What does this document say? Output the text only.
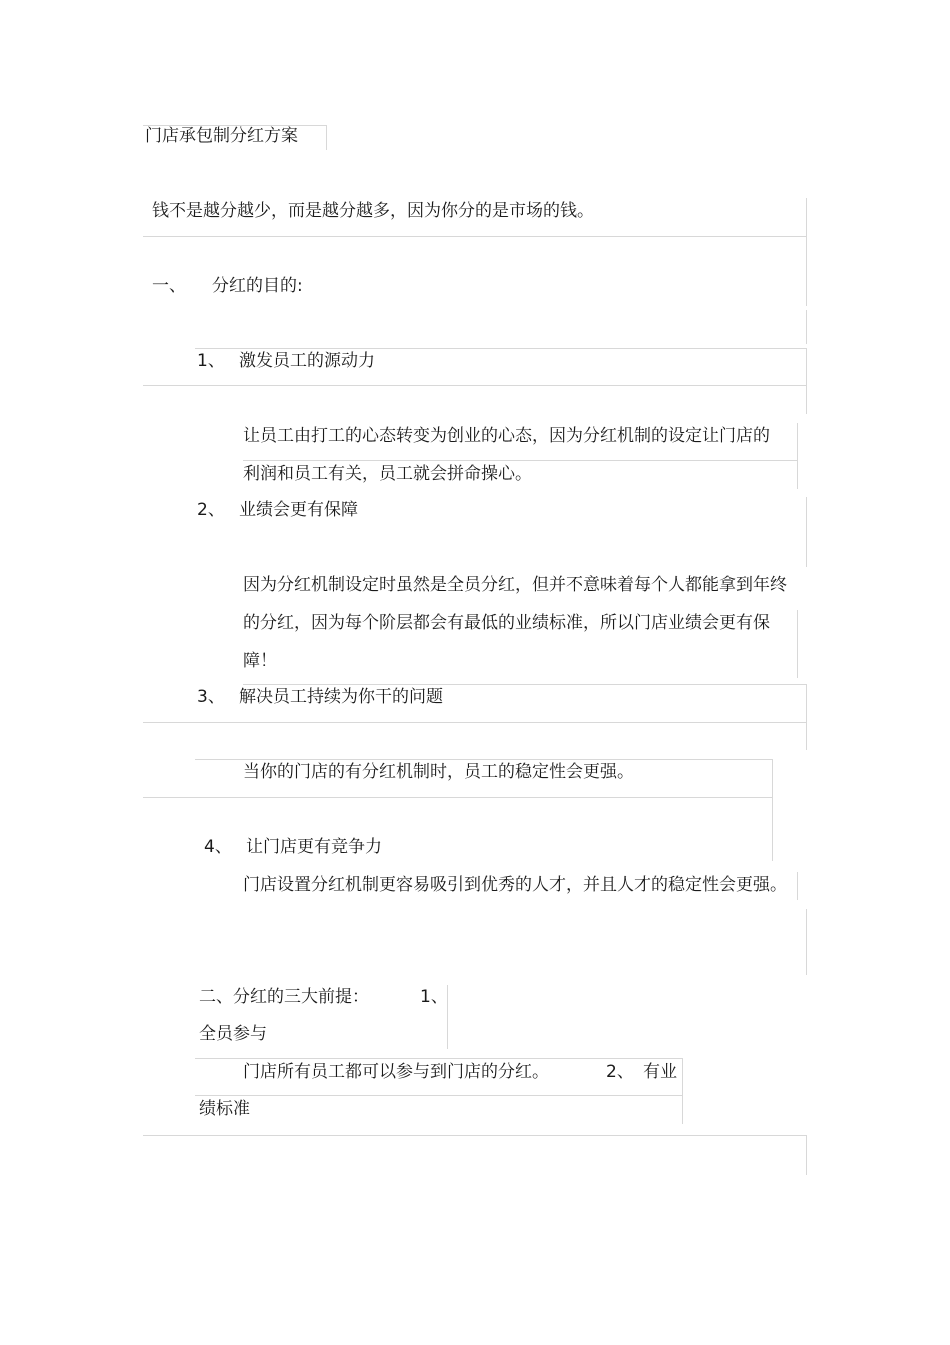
门店承包制分红方案
钱不是越分越少，而是越分越多，因为你分的是市场的钱。
一、 分红的目的:
1、 激发员工的源动力
让员工由打工的心态转变为创业的心态，因为分红机制的设定让门店的
利润和员工有关，员工就会拼命操心。
2、 业绩会更有保障
因为分红机制设定时虽然是全员分红，但并不意味着每个人都能拿到年终
的分红，因为每个阶层都会有最低的业绩标准，所以门店业绩会更有保
障！
3、 解决员工持续为你干的问题
当你的门店的有分红机制时，员工的稳定性会更强。
4、 让门店更有竞争力
门店设置分红机制更容易吸引到优秀的人才，并且人才的稳定性会更强。
二、分红的三大前提：	1、
全员参与
门店所有员工都可以参与到门店的分红。	2、 有业
绩标准
